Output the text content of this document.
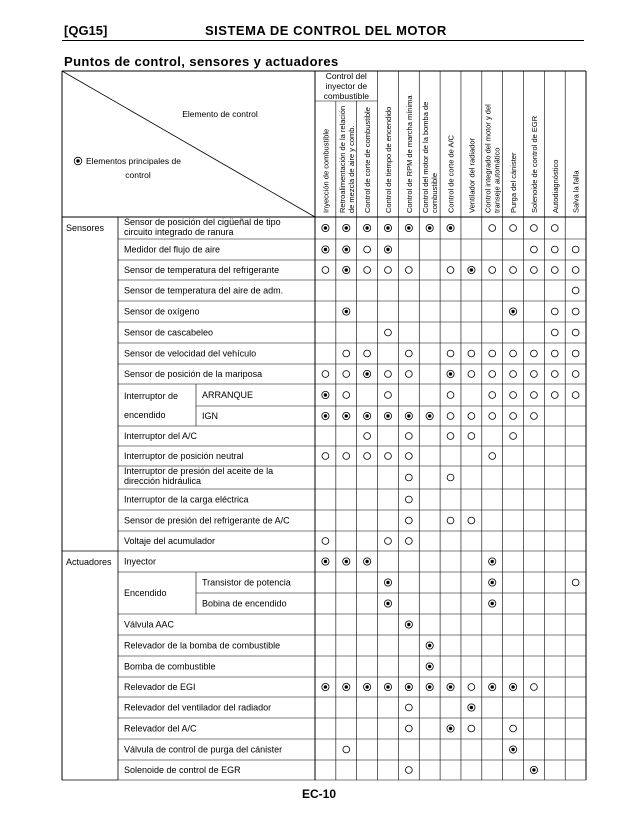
[QG15]	SISTEMA DE CONTROL DEL MOTOR
Puntos de control, sensores y actuadores
Control del
inyector de
combustible
Elemento de control
Elementos principales de
control	Inyección de combustible Retroalimentación de la relación de mezcla de aire y comb. Control de corte de combustible Control de tiempo de encendido Control de RPM de marcha mínima Control del motor de la bomba de combustible Control de corte de A/C Ventilador del radiador Control integrado del motor y del transeje automático Purga del cánister Solenoide de control de EGR Autodiagnóstico Salva la falla
Sensores
Actuadores
Interruptor de
encendido
Encendido
Sensor de posición del cigüeñal de tipo
circuito integrado de ranura
Medidor del flujo de aire
Sensor de temperatura del refrigerante
Sensor de temperatura del aire de adm.
Sensor de oxígeno
Sensor de cascabeleo
Sensor de velocidad del vehículo
Sensor de posición de la mariposa
ARRANQUE
IGN
Interruptor del A/C
Interruptor de posición neutral
Interruptor de presión del aceite de la
dirección hidráulica
Interruptor de la carga eléctrica
Sensor de presión del refrigerante de A/C
Voltaje del acumulador
Inyector
Transistor de potencia
Bobina de encendido
Válvula AAC
Relevador de la bomba de combustible
Bomba de combustible
Relevador de EGI
Relevador del ventilador del radiador
Relevador del A/C
Válvula de control de purga del cánister
Solenoide de control de EGR
EC-10
